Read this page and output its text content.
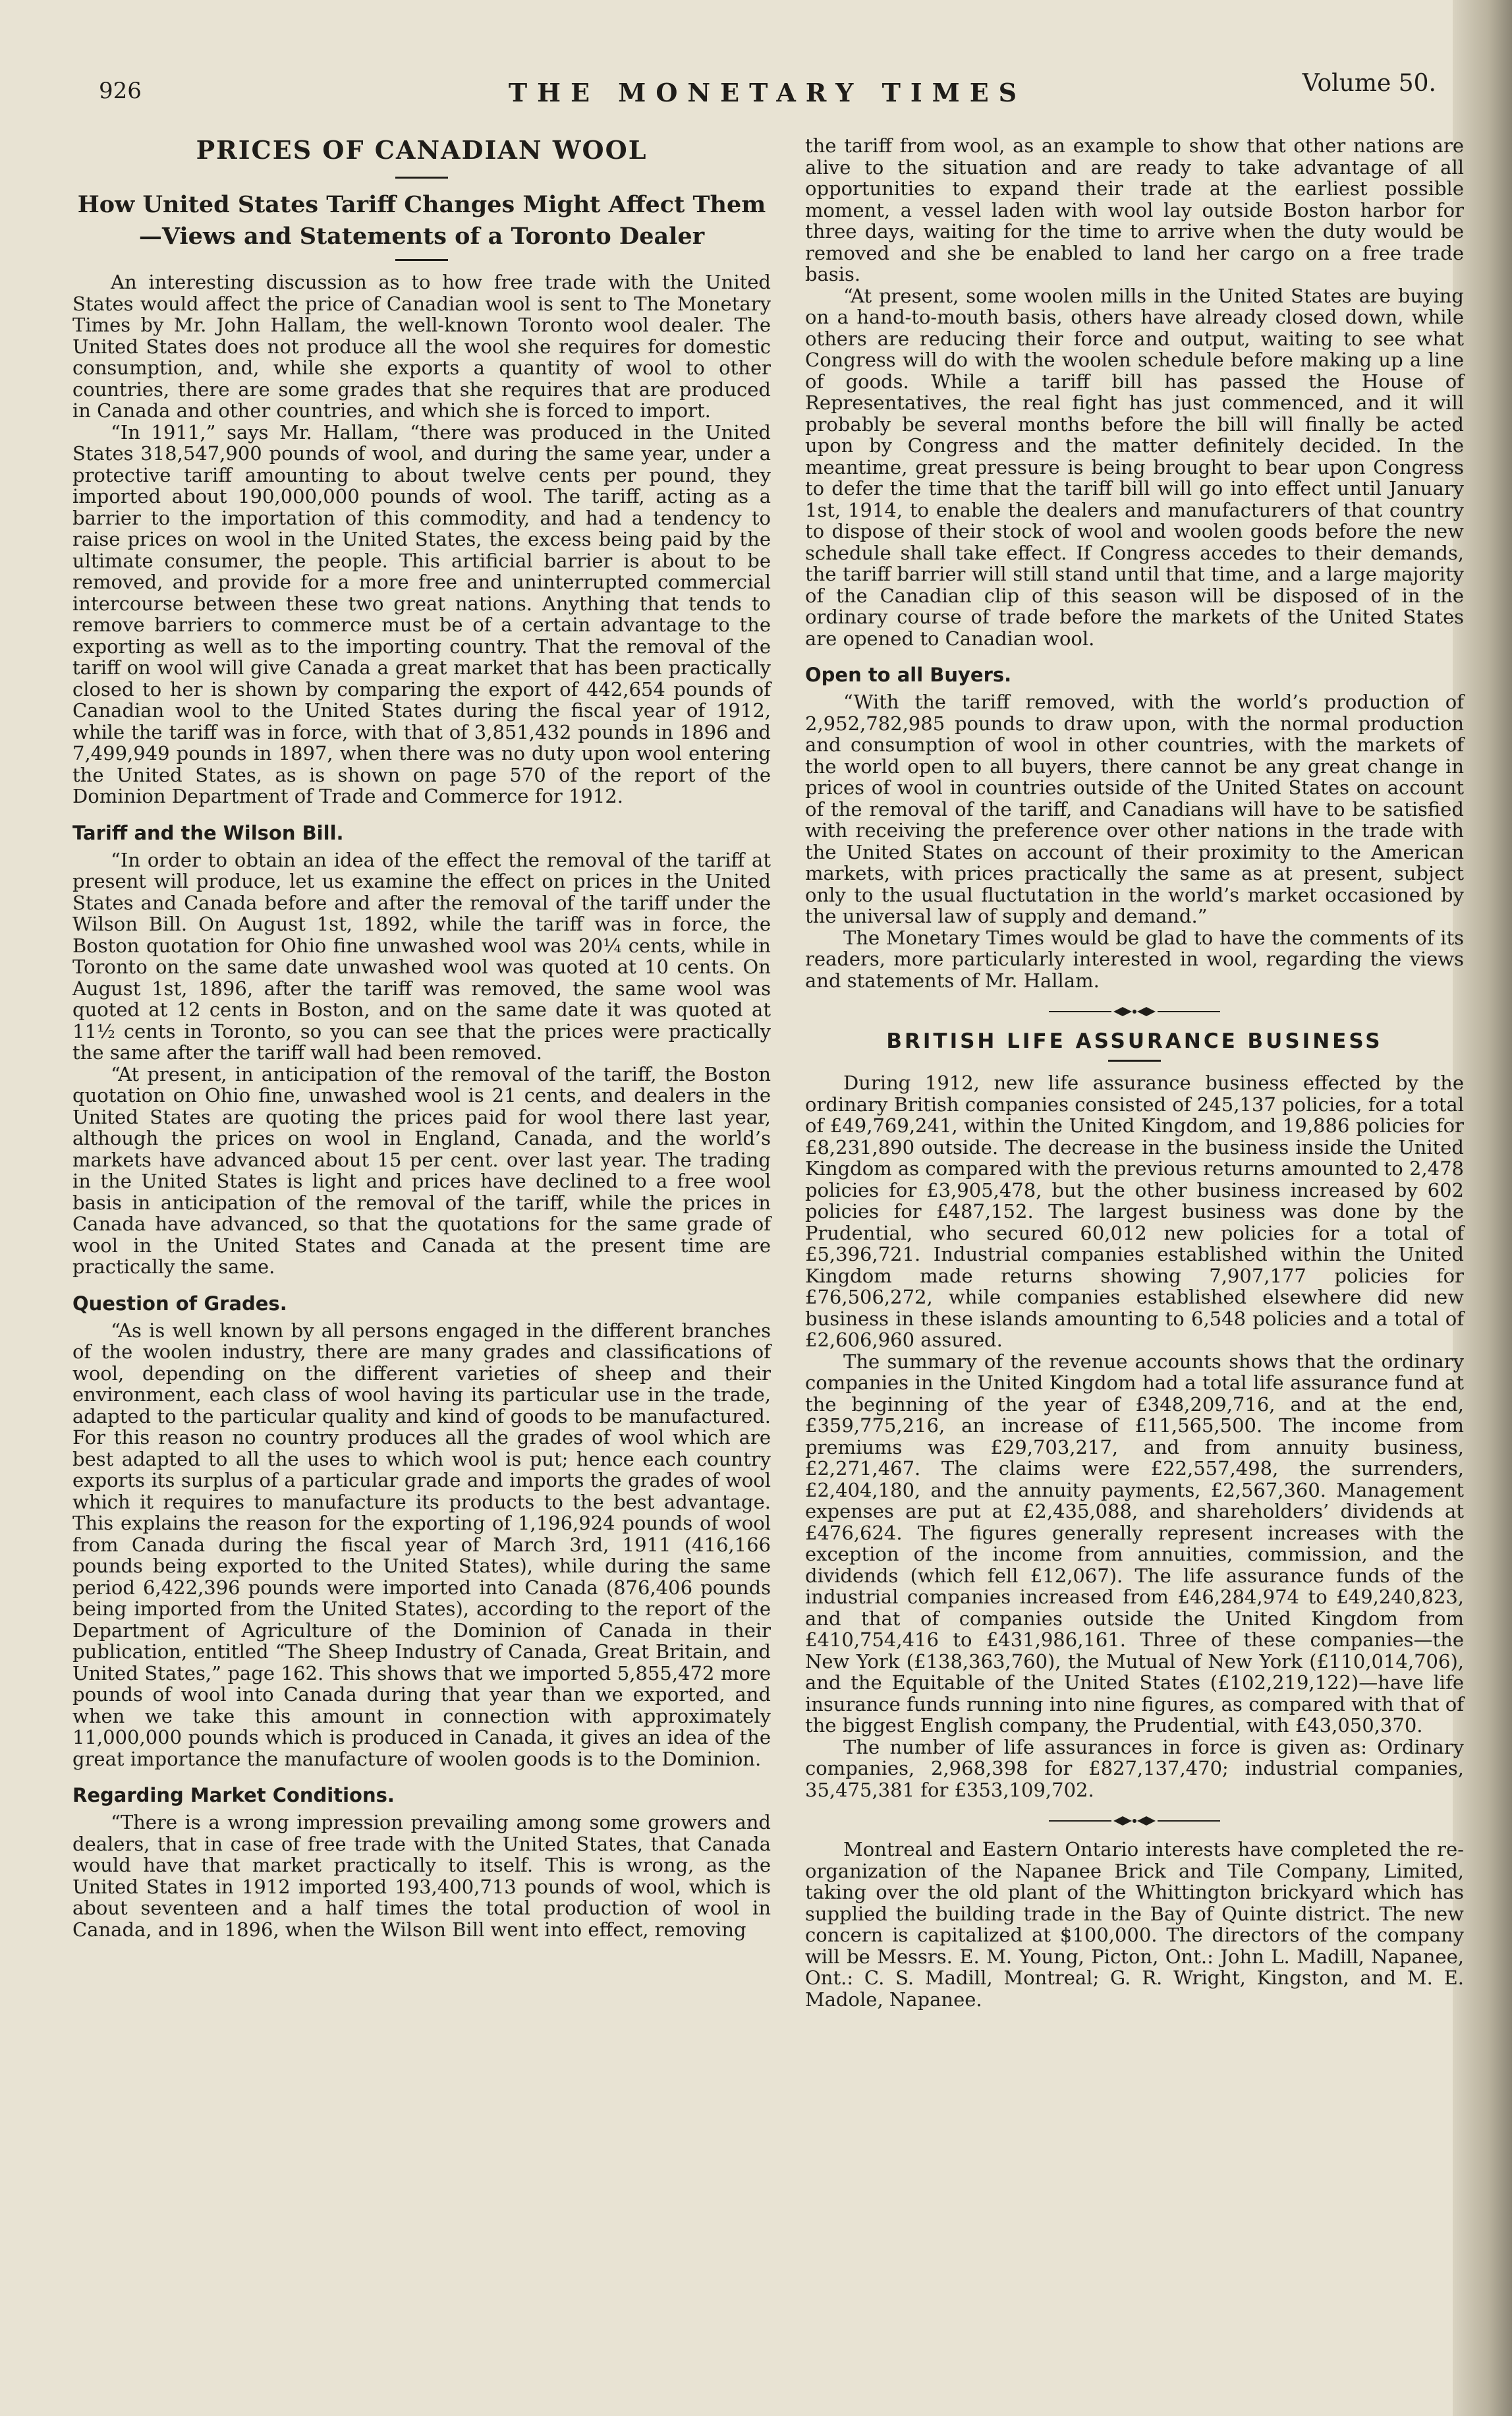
926	THE MONETARY TIMES	Volume 50.
PRICES OF CANADIAN WOOL
How United States Tariff Changes Might Affect Them
—Views and Statements of a Toronto Dealer

An interesting discussion as to how free trade with the United States would affect the price of Canadian wool is sent to The Monetary Times by Mr. John Hallam, the well-known Toronto wool dealer. The United States does not produce all the wool she requires for domestic consumption, and, while she exports a quantity of wool to other countries, there are some grades that she requires that are produced in Canada and other countries, and which she is forced to import.

“In 1911,” says Mr. Hallam, “there was produced in the United States 318,547,900 pounds of wool, and during the same year, under a protective tariff amounting to about twelve cents per pound, they imported about 190,000,000 pounds of wool. The tariff, acting as a barrier to the importation of this commodity, and had a tendency to raise prices on wool in the United States, the excess being paid by the ultimate consumer, the people. This artificial barrier is about to be removed, and provide for a more free and uninterrupted commercial intercourse between these two great nations. Anything that tends to remove barriers to commerce must be of a certain advantage to the exporting as well as to the importing country. That the removal of the tariff on wool will give Canada a great market that has been practically closed to her is shown by comparing the export of 442,654 pounds of Canadian wool to the United States during the fiscal year of 1912, while the tariff was in force, with that of 3,851,432 pounds in 1896 and 7,499,949 pounds in 1897, when there was no duty upon wool entering the United States, as is shown on page 570 of the report of the Dominion Department of Trade and Commerce for 1912.

Tariff and the Wilson Bill.

“In order to obtain an idea of the effect the removal of the tariff at present will produce, let us examine the effect on prices in the United States and Canada before and after the removal of the tariff under the Wilson Bill. On August 1st, 1892, while the tariff was in force, the Boston quotation for Ohio fine unwashed wool was 20¼ cents, while in Toronto on the same date unwashed wool was quoted at 10 cents. On August 1st, 1896, after the tariff was removed, the same wool was quoted at 12 cents in Boston, and on the same date it was quoted at 11½ cents in Toronto, so you can see that the prices were practically the same after the tariff wall had been removed.

“At present, in anticipation of the removal of the tariff, the Boston quotation on Ohio fine, unwashed wool is 21 cents, and dealers in the United States are quoting the prices paid for wool there last year, although the prices on wool in England, Canada, and the world’s markets have advanced about 15 per cent. over last year. The trading in the United States is light and prices have declined to a free wool basis in anticipation of the removal of the tariff, while the prices in Canada have advanced, so that the quotations for the same grade of wool in the United States and Canada at the present time are practically the same.

Question of Grades.

“As is well known by all persons engaged in the different branches of the woolen industry, there are many grades and classifications of wool, depending on the different varieties of sheep and their environment, each class of wool having its particular use in the trade, adapted to the particular quality and kind of goods to be manufactured. For this reason no country produces all the grades of wool which are best adapted to all the uses to which wool is put; hence each country exports its surplus of a particular grade and imports the grades of wool which it requires to manufacture its products to the best advantage. This explains the reason for the exporting of 1,196,924 pounds of wool from Canada during the fiscal year of March 3rd, 1911 (416,166 pounds being exported to the United States), while during the same period 6,422,396 pounds were imported into Canada (876,406 pounds being imported from the United States), according to the report of the Department of Agriculture of the Dominion of Canada in their publication, entitled “The Sheep Industry of Canada, Great Britain, and United States,” page 162. This shows that we imported 5,855,472 more pounds of wool into Canada during that year than we exported, and when we take this amount in connection with approximately 11,000,000 pounds which is produced in Canada, it gives an idea of the great importance the manufacture of woolen goods is to the Dominion.

Regarding Market Conditions.

“There is a wrong impression prevailing among some growers and dealers, that in case of free trade with the United States, that Canada would have that market practically to itself. This is wrong, as the United States in 1912 imported 193,400,713 pounds of wool, which is about seventeen and a half times the total production of wool in Canada, and in 1896, when the Wilson Bill went into effect, removing

the tariff from wool, as an example to show that other nations are alive to the situation and are ready to take advantage of all opportunities to expand their trade at the earliest possible moment, a vessel laden with wool lay outside Boston harbor for three days, waiting for the time to arrive when the duty would be removed and she be enabled to land her cargo on a free trade basis.

“At present, some woolen mills in the United States are buying on a hand-to-mouth basis, others have already closed down, while others are reducing their force and output, waiting to see what Congress will do with the woolen schedule before making up a line of goods. While a tariff bill has passed the House of Representatives, the real fight has just commenced, and it will probably be several months before the bill will finally be acted upon by Congress and the matter definitely decided. In the meantime, great pressure is being brought to bear upon Congress to defer the time that the tariff bill will go into effect until January 1st, 1914, to enable the dealers and manufacturers of that country to dispose of their stock of wool and woolen goods before the new schedule shall take effect. If Congress accedes to their demands, the tariff barrier will still stand until that time, and a large majority of the Canadian clip of this season will be disposed of in the ordinary course of trade before the markets of the United States are opened to Canadian wool.

Open to all Buyers.

“With the tariff removed, with the world’s production of 2,952,782,985 pounds to draw upon, with the normal production and consumption of wool in other countries, with the markets of the world open to all buyers, there cannot be any great change in prices of wool in countries outside of the United States on account of the removal of the tariff, and Canadians will have to be satisfied with receiving the preference over other nations in the trade with the United States on account of their proximity to the American markets, with prices practically the same as at present, subject only to the usual fluctutation in the world’s market occasioned by the universal law of supply and demand.”

The Monetary Times would be glad to have the comments of its readers, more particularly interested in wool, regarding the views and statements of Mr. Hallam.

BRITISH LIFE ASSURANCE BUSINESS

During 1912, new life assurance business effected by the ordinary British companies consisted of 245,137 policies, for a total of £49,769,241, within the United Kingdom, and 19,886 policies for £8,231,890 outside. The decrease in the business inside the United Kingdom as compared with the previous returns amounted to 2,478 policies for £3,905,478, but the other business increased by 602 policies for £487,152. The largest business was done by the Prudential, who secured 60,012 new policies for a total of £5,396,721. Industrial companies established within the United Kingdom made returns showing 7,907,177 policies for £76,506,272, while companies established elsewhere did new business in these islands amounting to 6,548 policies and a total of £2,606,960 assured.

The summary of the revenue accounts shows that the ordinary companies in the United Kingdom had a total life assurance fund at the beginning of the year of £348,209,716, and at the end, £359,775,216, an increase of £11,565,500. The income from premiums was £29,703,217, and from annuity business, £2,271,467. The claims were £22,557,498, the surrenders, £2,404,180, and the annuity payments, £2,567,360. Management expenses are put at £2,435,088, and shareholders’ dividends at £476,624. The figures generally represent increases with the exception of the income from annuities, commission, and the dividends (which fell £12,067). The life assurance funds of the industrial companies increased from £46,284,974 to £49,240,823, and that of companies outside the United Kingdom from £410,754,416 to £431,986,161. Three of these companies—the New York (£138,363,760), the Mutual of New York (£110,014,706), and the Equitable of the United States (£102,219,122)—have life insurance funds running into nine figures, as compared with that of the biggest English company, the Prudential, with £43,050,370.

The number of life assurances in force is given as: Ordinary companies, 2,968,398 for £827,137,470; industrial companies, 35,475,381 for £353,109,702.

Montreal and Eastern Ontario interests have completed the re-organization of the Napanee Brick and Tile Company, Limited, taking over the old plant of the Whittington brickyard which has supplied the building trade in the Bay of Quinte district. The new concern is capitalized at $100,000. The directors of the company will be Messrs. E. M. Young, Picton, Ont.: John L. Madill, Napanee, Ont.: C. S. Madill, Montreal; G. R. Wright, Kingston, and M. E. Madole, Napanee.
